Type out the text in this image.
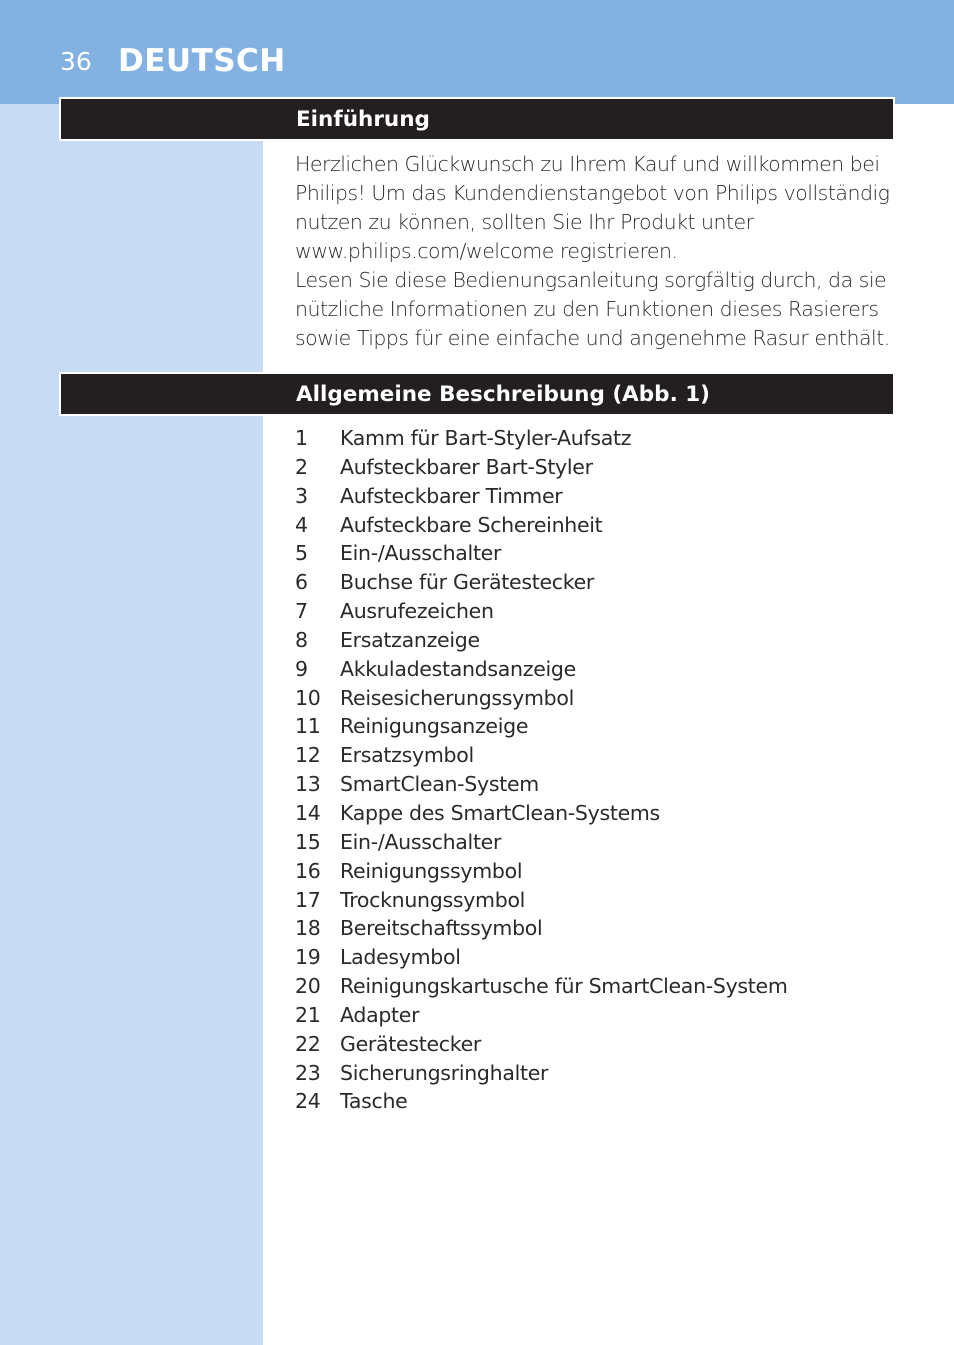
36 DEUTSCH
Einführung

Herzlichen Glückwunsch zu Ihrem Kauf und willkommen bei Philips! Um das Kundendienstangebot von Philips vollständig nutzen zu können, sollten Sie Ihr Produkt unter www.philips.com/welcome registrieren.

Lesen Sie diese Bedienungsanleitung sorgfältig durch, da sie nützliche Informationen zu den Funktionen dieses Rasierers sowie Tipps für eine einfache und angenehme Rasur enthält.

Allgemeine Beschreibung (Abb. 1)
1 Kamm für Bart-Styler-Aufsatz
2 Aufsteckbarer Bart-Styler
3 Aufsteckbarer Timmer
4 Aufsteckbare Schereinheit
5 Ein-/Ausschalter
6 Buchse für Gerätestecker
7 Ausrufezeichen
8 Ersatzanzeige
9 Akkuladestandsanzeige
10 Reisesicherungssymbol
11 Reinigungsanzeige
12 Ersatzsymbol
13 SmartClean-System
14 Kappe des SmartClean-Systems
15 Ein-/Ausschalter
16 Reinigungssymbol
17 Trocknungssymbol
18 Bereitschaftssymbol
19 Ladesymbol
20 Reinigungskartusche für SmartClean-System
21 Adapter
22 Gerätestecker
23 Sicherungsringhalter
24 Tasche
